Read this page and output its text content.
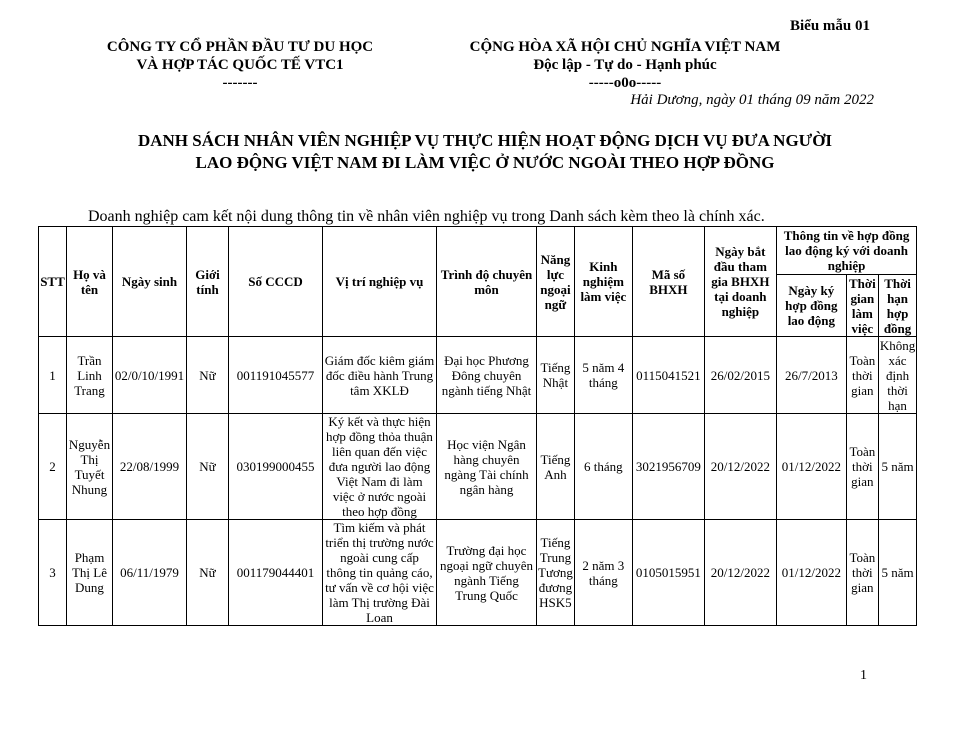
Biểu mẫu 01
CÔNG TY CỔ PHẦN ĐẦU TƯ DU HỌC
VÀ HỢP TÁC QUỐC TẾ VTC1
-------
CỘNG HÒA XÃ HỘI CHỦ NGHĨA VIỆT NAM
Độc lập - Tự do - Hạnh phúc
-----o0o-----
Hải Dương, ngày 01 tháng 09 năm 2022
DANH SÁCH NHÂN VIÊN NGHIỆP VỤ THỰC HIỆN HOẠT ĐỘNG DỊCH VỤ ĐƯA NGƯỜI
LAO ĐỘNG VIỆT NAM ĐI LÀM VIỆC Ở NƯỚC NGOÀI THEO HỢP ĐỒNG
Doanh nghiệp cam kết nội dung thông tin về nhân viên nghiệp vụ trong Danh sách kèm theo là chính xác.
STT	Họ và tên	Ngày sinh	Giới tính	Số CCCD	Vị trí nghiệp vụ	Trình độ chuyên môn	Năng lực ngoại ngữ	Kinh nghiệm làm việc	Mã số BHXH	Ngày bắt đầu tham gia BHXH tại doanh nghiệp	Thông tin về hợp đồng lao động ký với doanh nghiệp		
											Ngày ký hợp đồng lao động	Thời gian làm việc	Thời hạn hợp đồng
1	Trần Linh Trang	02/0/10/1991	Nữ	001191045577	Giám đốc kiêm giám đốc điều hành Trung tâm XKLĐ	Đại học Phương Đông chuyên ngành tiếng Nhật	Tiếng Nhật	5 năm 4 tháng	0115041521	26/02/2015	26/7/2013	Toàn thời gian	Không xác định thời hạn
2	Nguyễn Thị Tuyết Nhung	22/08/1999	Nữ	030199000455	Ký kết và thực hiện hợp đồng thỏa thuận liên quan đến việc đưa người lao động Việt Nam đi làm việc ở nước ngoài theo hợp đồng	Học viện Ngân hàng chuyên ngàng Tài chính ngân hàng	Tiếng Anh	6 tháng	3021956709	20/12/2022	01/12/2022	Toàn thời gian	5 năm
3	Phạm Thị Lê Dung	06/11/1979	Nữ	001179044401	Tìm kiếm và phát triển thị trường nước ngoài cung cấp thông tin quảng cáo, tư vấn về cơ hội việc làm Thị trường Đài Loan	Trường đại học ngoại ngữ chuyên ngành Tiếng Trung Quốc	Tiếng Trung Tương đương HSK5	2 năm 3 tháng	0105015951	20/12/2022	01/12/2022	Toàn thời gian	5 năm
1
